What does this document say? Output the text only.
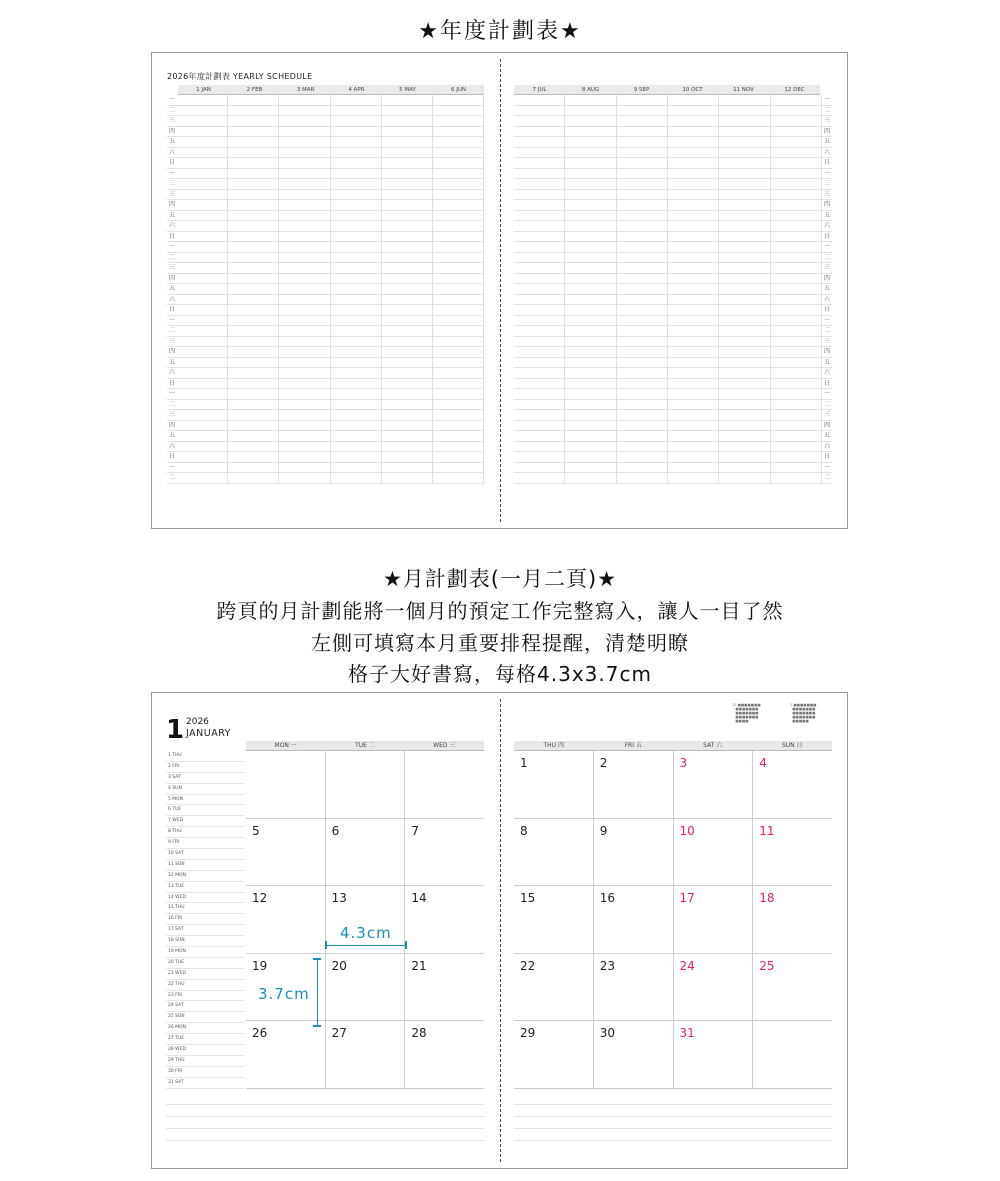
★年度計劃表★
2026年度計劃表 YEARLY SCHEDULE
1 JAN	2 FEB	3 MAR	4 APR	5 MAY	6 JUN	7 JUL	8 AUG	9 SEP	10 OCT	11 NOV	12 DEC
一
二
三
四
五
六
日
一
二
三
四
五
六
日
一
二
三
四
五
六
日
一
二
三
四
五
六
日
一
二
三
四
五
六
日
一
二
一
二
三
四
五
六
日
一
二
三
四
五
六
日
一
二
三
四
五
六
日
一
二
三
四
五
六
日
一
二
三
四
五
六
日
一
二
★月計劃表(一月二頁)★
跨頁的月計劃能將一個月的預定工作完整寫入，讓人一目了然
左側可填寫本月重要排程提醒，清楚明瞭
格子大好書寫，每格4.3x3.7cm
1 2026
JANUARY
1 THU
2 FRI
3 SAT
4 SUN
5 MON
6 TUE
7 WED
8 THU
9 FRI
10 SAT
11 SUN
12 MON
13 TUE
14 WED
15 THU
16 FRI
17 SAT
18 SUN
19 MON
20 TUE
21 WED
22 THU
23 FRI
24 SAT
25 SUN
26 MON
27 TUE
28 WED
29 THU
30 FRI
31 SAT
MON 一	TUE 二	WED 三
5	6	7
12	13	14
19	20	21
26	27	28
THU 四	FRI 五	SAT 六	SUN 日
1	2	3	4
8	9	10	11
15	16	17	18
22	23	24	25
29	30	31
12 ■■■■■■■
■■■■■■■
■■■■■■■
■■■■■■■
■■■■
2 ■■■■■■■
■■■■■■■
■■■■■■■
■■■■■■■
■■■■■
4.3cm
3.7cm
